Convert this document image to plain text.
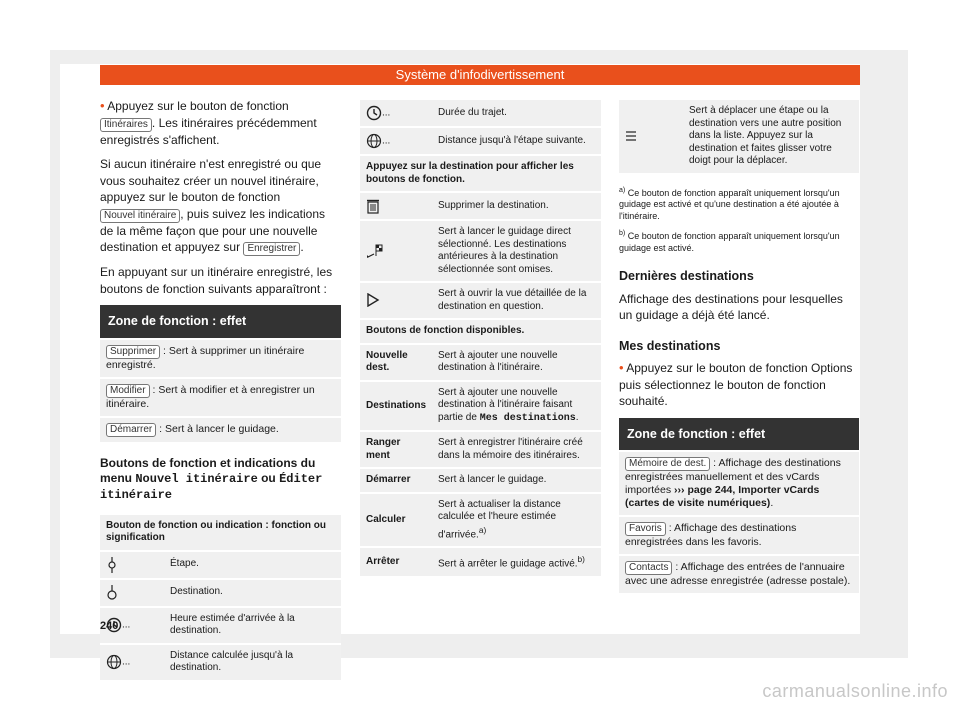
Système d'infodivertissement

• Appuyez sur le bouton de fonction Itinéraires . Les itinéraires précédemment enregistrés s'affichent.

Si aucun itinéraire n'est enregistré ou que vous souhaitez créer un nouvel itinéraire, appuyez sur le bouton de fonction Nouvel itinéraire , puis suivez les indications de la même façon que pour une nouvelle destination et appuyez sur Enregistrer .

En appuyant sur un itinéraire enregistré, les boutons de fonction suivants apparaîtront :

Zone de fonction : effet
Supprimer : Sert à supprimer un itinéraire enregistré.
Modifier : Sert à modifier et à enregistrer un itinéraire.
Démarrer : Sert à lancer le guidage.
Boutons de fonction et indications du menu Nouvel itinéraire ou Éditer itinéraire
Bouton de fonction ou indication : fonction ou signification	
	Étape.
	Destination.
...	Heure estimée d'arrivée à la destination.
...	Distance calculée jusqu'à la destination.
...	Durée du trajet.
...	Distance jusqu'à l'étape suivante.
Appuyez sur la destination pour afficher les boutons de fonction.	
	Supprimer la destination.
	Sert à lancer le guidage direct sélectionné. Les destinations antérieures à la destination sélectionnée sont omises.
	Sert à ouvrir la vue détaillée de la destination en question.
Boutons de fonction disponibles.	
Nouvelle dest.	Sert à ajouter une nouvelle destination à l'itinéraire.
Destinations	Sert à ajouter une nouvelle destination à l'itinéraire faisant partie de Mes destinations.
Ranger ment	Sert à enregistrer l'itinéraire créé dans la mémoire des itinéraires.
Démarrer	Sert à lancer le guidage.
Calculer	Sert à actualiser la distance calculée et l'heure estimée d'arrivée.$^{a)}$
Arrêter	Sert à arrêter le guidage activé.$^{b)}$
	Sert à déplacer une étape ou la destination vers une autre position dans la liste. Appuyez sur la destination et faites glisser votre doigt pour la déplacer.

$^{a)}$ Ce bouton de fonction apparaît uniquement lorsqu'un guidage est activé et qu'une destination a été ajoutée à l'itinéraire.

$^{b)}$ Ce bouton de fonction apparaît uniquement lorsqu'un guidage est activé.

Dernières destinations

Affichage des destinations pour lesquelles un guidage a déjà été lancé.

Mes destinations

• Appuyez sur le bouton de fonction Options puis sélectionnez le bouton de fonction souhaité.

Zone de fonction : effet
Mémoire de dest. : Affichage des destinations enregistrées manuellement et des vCards importées ››› page 244, Importer vCards (cartes de visite numériques).
Favoris : Affichage des destinations enregistrées dans les favoris.
Contacts : Affichage des entrées de l'annuaire avec une adresse enregistrée (adresse postale).
240
carmanualsonline.info
